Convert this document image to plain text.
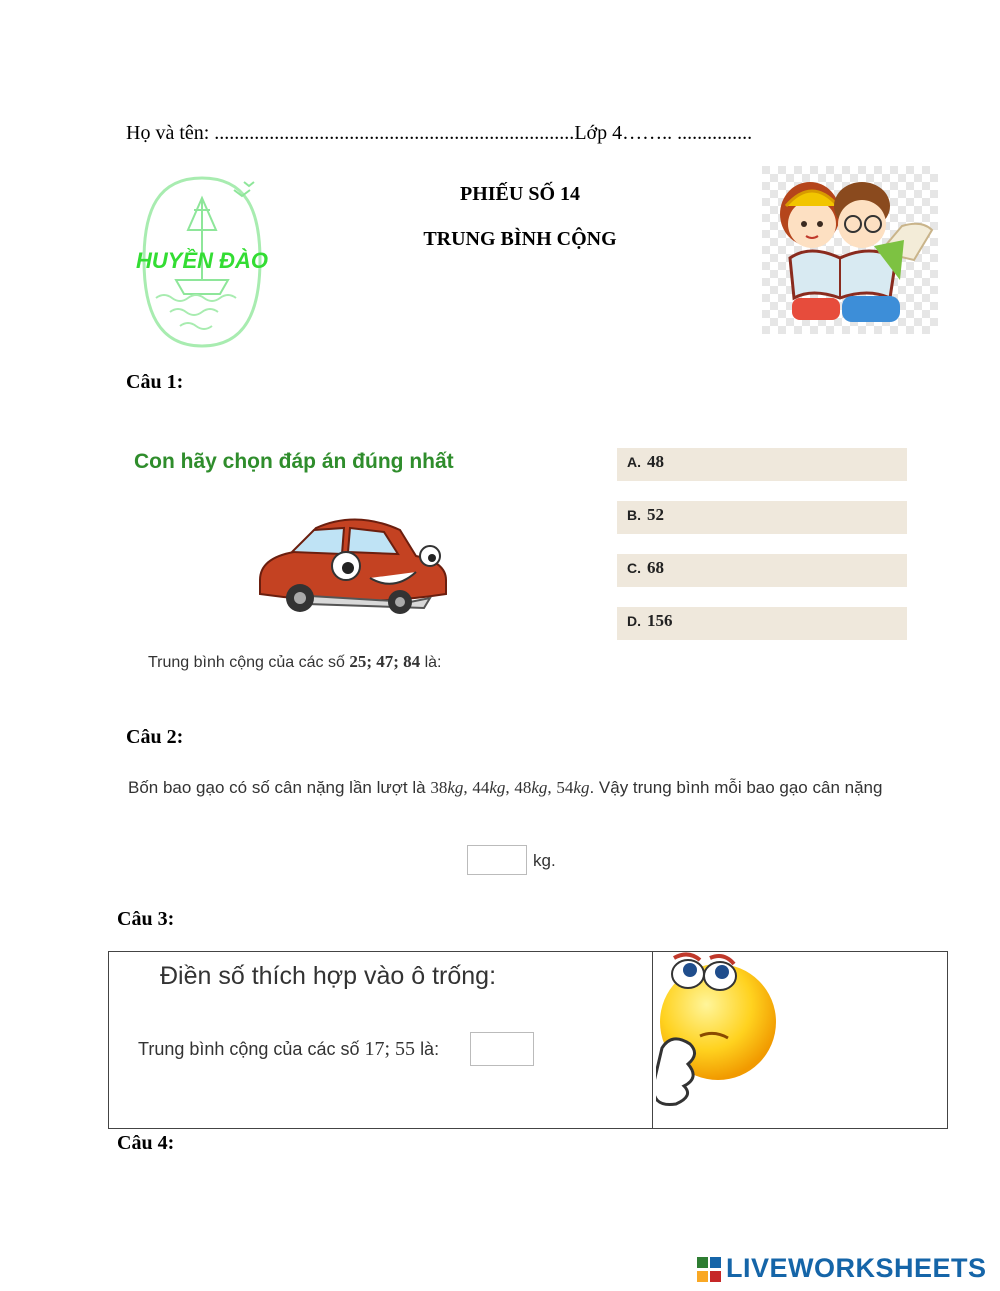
Họ và tên: ........................................................................Lớp 4…….. ...............
HUYỀN ĐÀO
PHIẾU SỐ 14
TRUNG BÌNH CỘNG
Câu 1:
Con hãy chọn đáp án đúng nhất	A. 48
B. 52
C. 68
D. 156
Trung bình cộng của các số 25; 47; 84 là:
Câu 2:
Bốn bao gạo có số cân nặng lần lượt là 38kg, 44kg, 48kg, 54kg. Vậy trung bình mỗi bao gạo cân nặng
kg.
Câu 3:
Điền số thích hợp vào ô trống:
Trung bình cộng của các số 17; 55 là:
Câu 4:
LIVEWORKSHEETS
